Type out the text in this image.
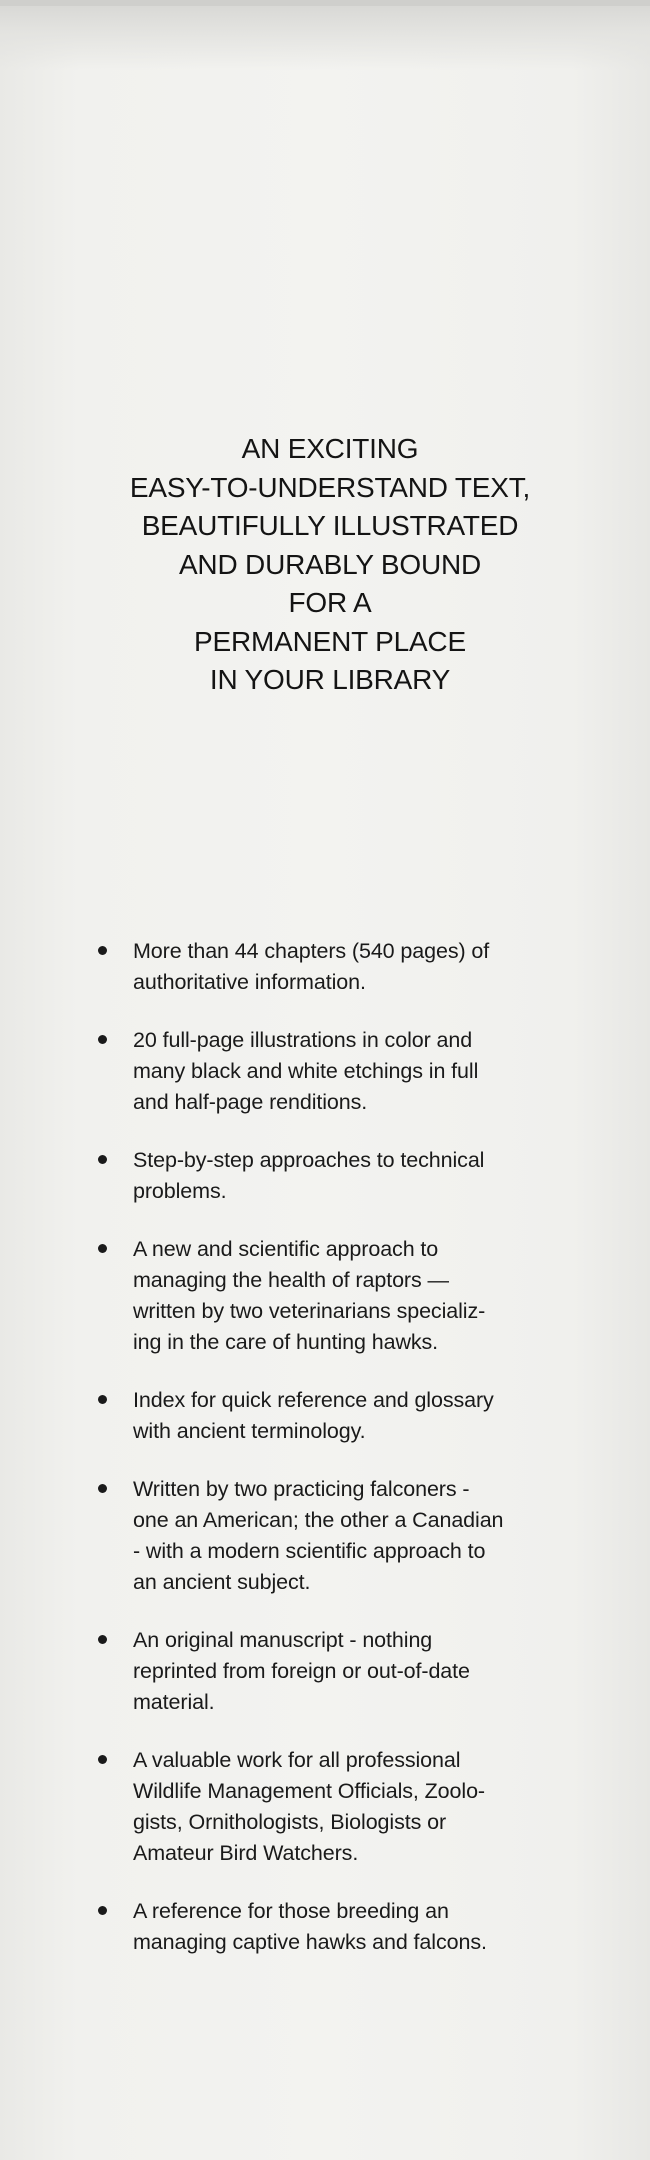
AN EXCITING
EASY-TO-UNDERSTAND TEXT,
BEAUTIFULLY ILLUSTRATED
AND DURABLY BOUND
FOR A
PERMANENT PLACE
IN YOUR LIBRARY
More than 44 chapters (540 pages) of
authoritative information.
20 full-page illustrations in color and
many black and white etchings in full
and half-page renditions.
Step-by-step approaches to technical
problems.
A new and scientific approach to
managing the health of raptors —
written by two veterinarians specializ-
ing in the care of hunting hawks.
Index for quick reference and glossary
with ancient terminology.
Written by two practicing falconers -
one an American; the other a Canadian
- with a modern scientific approach to
an ancient subject.
An original manuscript - nothing
reprinted from foreign or out-of-date
material.
A valuable work for all professional
Wildlife Management Officials, Zoolo-
gists, Ornithologists, Biologists or
Amateur Bird Watchers.
A reference for those breeding an
managing captive hawks and falcons.
